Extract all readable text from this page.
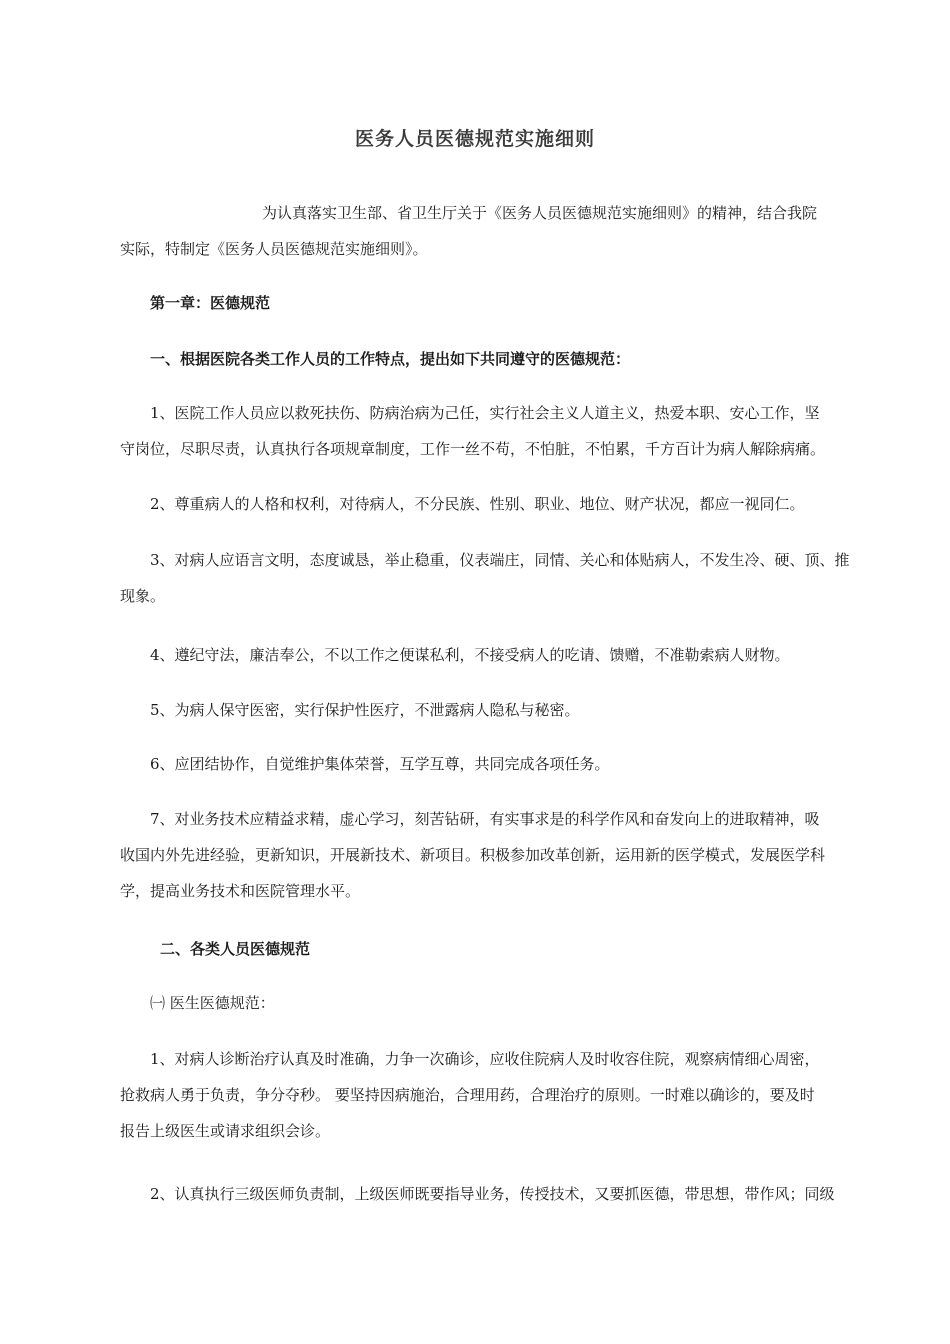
医务人员医德规范实施细则
为认真落实卫生部、省卫生厅关于《医务人员医德规范实施细则》的精神，结合我院
实际，特制定《医务人员医德规范实施细则》。
第一章：医德规范
一、根据医院各类工作人员的工作特点，提出如下共同遵守的医德规范：
1、医院工作人员应以救死扶伤、防病治病为己任，实行社会主义人道主义，热爱本职、安心工作，坚
守岗位，尽职尽责，认真执行各项规章制度，工作一丝不苟，不怕脏，不怕累，千方百计为病人解除病痛。
2、尊重病人的人格和权利，对待病人，不分民族、性别、职业、地位、财产状况，都应一视同仁。
3、对病人应语言文明，态度诚恳，举止稳重，仪表端庄，同情、关心和体贴病人，不发生冷、硬、顶、推
现象。
4、遵纪守法，廉洁奉公，不以工作之便谋私利，不接受病人的吃请、馈赠，不准勒索病人财物。
5、为病人保守医密，实行保护性医疗，不泄露病人隐私与秘密。
6、应团结协作，自觉维护集体荣誉，互学互尊，共同完成各项任务。
7、对业务技术应精益求精，虚心学习，刻苦钻研，有实事求是的科学作风和奋发向上的进取精神，吸
收国内外先进经验，更新知识，开展新技术、新项目。积极参加改革创新，运用新的医学模式，发展医学科
学，提高业务技术和医院管理水平。
二、各类人员医德规范
㈠ 医生医德规范：
1、对病人诊断治疗认真及时准确，力争一次确诊，应收住院病人及时收容住院，观察病情细心周密，
抢救病人勇于负责，争分夺秒。 要坚持因病施治，合理用药，合理治疗的原则。一时难以确诊的，要及时
报告上级医生或请求组织会诊。
2、认真执行三级医师负责制，上级医师既要指导业务，传授技术，又要抓医德，带思想，带作风；同级
